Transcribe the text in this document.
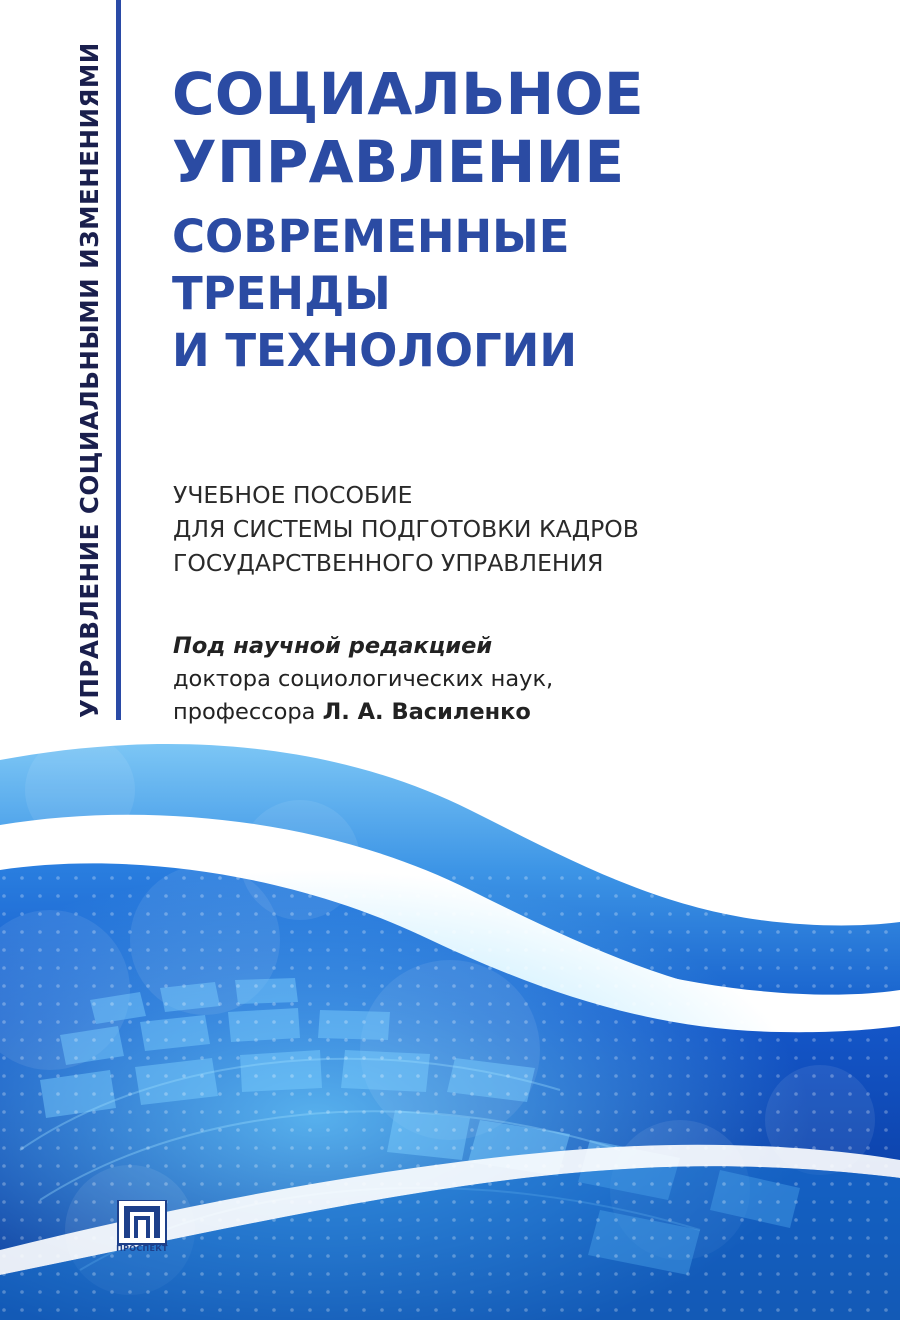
УПРАВЛЕНИЕ СОЦИАЛЬНЫМИ ИЗМЕНЕНИЯМИ СОЦИАЛЬНОЕ
УПРАВЛЕНИЕ
СОВРЕМЕННЫЕ
ТРЕНДЫ
И ТЕХНОЛОГИИ
УЧЕБНОЕ ПОСОБИЕ
ДЛЯ СИСТЕМЫ ПОДГОТОВКИ КАДРОВ
ГОСУДАРСТВЕННОГО УПРАВЛЕНИЯ
Под научной редакцией
доктора социологических наук,
профессора Л. А. Василенко
ПРОСПЕКТ
